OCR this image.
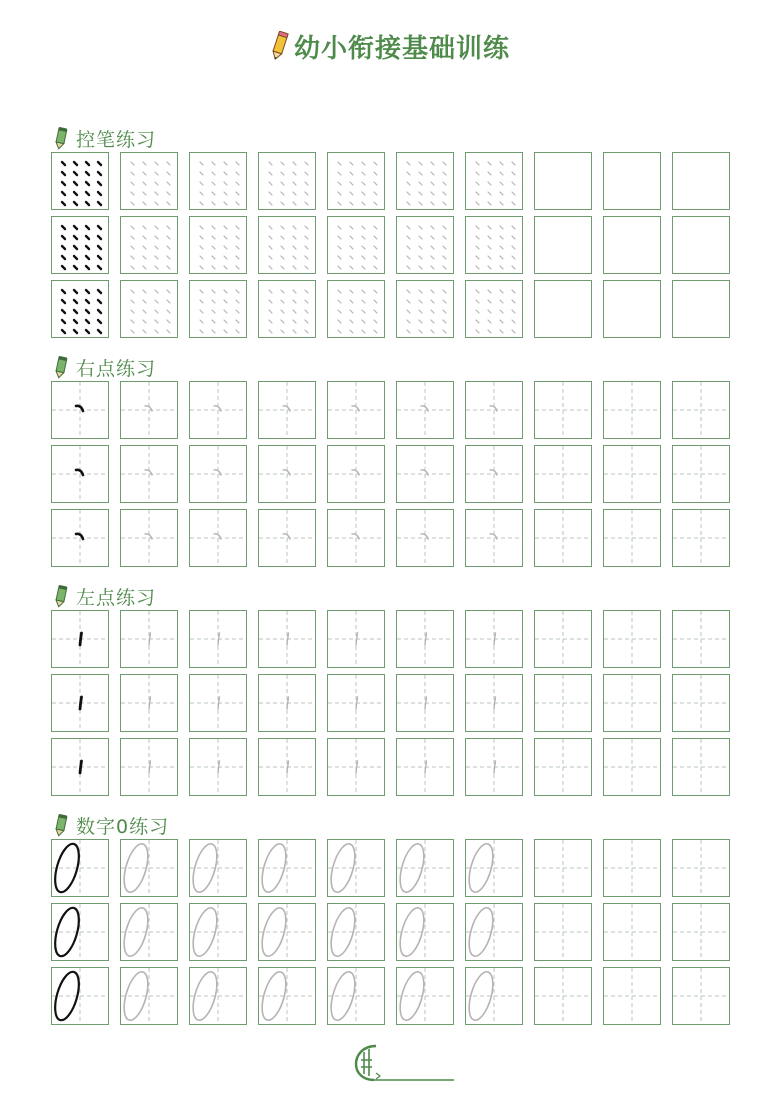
幼小衔接基础训练
控笔练习
右点练习
左点练习
数字0练习
